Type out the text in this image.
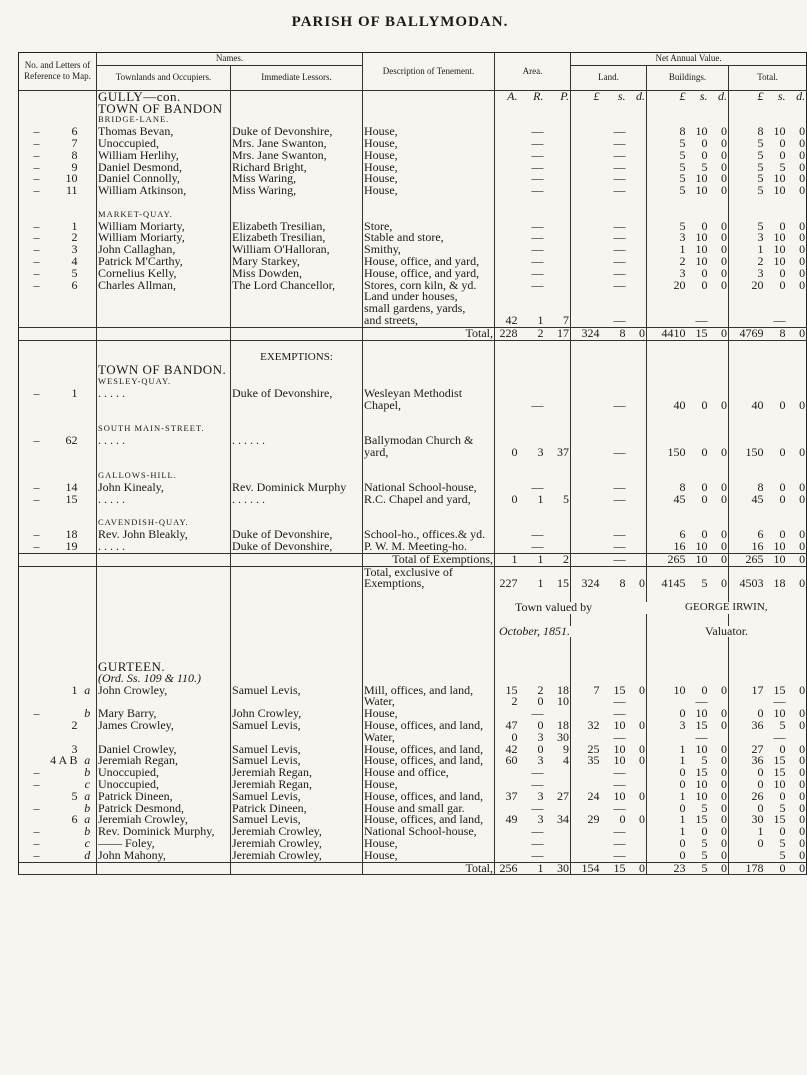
PARISH OF BALLYMODAN.
No. and Letters of Reference to Map.			Names.		Description of Tenement.	Area.			Net Annual Value.								
			Townlands and Occupiers.	Immediate Lessors.					Land.			Buildings.			Total.		
			GULLY—con.			A.	R.	P.	£	s.	d.	£	s.	d.	£	s.	d.
			TOWN OF BANDON														
			BRIDGE-LANE.														
–	6		Thomas Bevan,	Duke of Devonshire,	House,		—			—		8	10	0	8	10	0
–	7		Unoccupied,	Mrs. Jane Swanton,	House,		—			—		5	0	0	5	0	0
–	8		William Herlihy,	Mrs. Jane Swanton,	House,		—			—		5	0	0	5	0	0
–	9		Daniel Desmond,	Richard Bright,	House,		—			—		5	5	0	5	5	0
–	10		Daniel Connolly,	Miss Waring,	House,		—			—		5	10	0	5	10	0
–	11		William Atkinson,	Miss Waring,	House,		—			—		5	10	0	5	10	0

			MARKET-QUAY.														
–	1		William Moriarty,	Elizabeth Tresilian,	Store,		—			—		5	0	0	5	0	0
–	2		William Moriarty,	Elizabeth Tresilian,	Stable and store,		—			—		3	10	0	3	10	0
–	3		John Callaghan,	William O'Halloran,	Smithy,		—			—		1	10	0	1	10	0
–	4		Patrick M'Carthy,	Mary Starkey,	House, office, and yard,		—			—		2	10	0	2	10	0
–	5		Cornelius Kelly,	Miss Dowden,	House, office, and yard,		—			—		3	0	0	3	0	0
–	6		Charles Allman,	The Lord Chancellor,	Stores, corn kiln, & yd.		—			—		20	0	0	20	0	0
					Land under houses,												
					small gardens, yards,												
					and streets,	42	1	7		—			—			—	
					Total,	228	2	17	324	8	0	4410	15	0	4769	8	0

				EXEMPTIONS:													
			TOWN OF BANDON.														
			WESLEY-QUAY.														
–	1		. . . . .	Duke of Devonshire,	Wesleyan Methodist												
					Chapel,		—			—		40	0	0	40	0	0

			SOUTH MAIN-STREET.														
–	62		. . . . .	. . . . . .	Ballymodan Church &												
					yard,	0	3	37		—		150	0	0	150	0	0

			GALLOWS-HILL.														
–	14		John Kinealy,	Rev. Dominick Murphy	National School-house,		—			—		8	0	0	8	0	0
–	15		. . . . .	. . . . . .	R.C. Chapel and yard,	0	1	5		—		45	0	0	45	0	0

			CAVENDISH-QUAY.														
–	18		Rev. John Bleakly,	Duke of Devonshire,	School-ho., offices.& yd.		—			—		6	0	0	6	0	0
–	19		. . . . .	Duke of Devonshire,	P. W. M. Meeting-ho.		—			—		16	10	0	16	10	0
					Total of Exemptions,	1	1	2		—		265	10	0	265	10	0
					Total, exclusive of												
					Exemptions,	227	1	15	324	8	0	4145	5	0	4503	18	0

						Town valued by						GEORGE IRWIN,					

						October, 1851.						Valuator.					

			GURTEEN.														
			(Ord. Ss. 109 & 110.)														
	1	a	John Crowley,	Samuel Levis,	Mill, offices, and land,	15	2	18	7	15	0	10	0	0	17	15	0
					Water,	2	0	10		—			—			—	
–		b	Mary Barry,	John Crowley,	House,		—			—		0	10	0	0	10	0
	2		James Crowley,	Samuel Levis,	House, offices, and land,	47	0	18	32	10	0	3	15	0	36	5	0
					Water,	0	3	30		—			—			—	
	3		Daniel Crowley,	Samuel Levis,	House, offices, and land,	42	0	9	25	10	0	1	10	0	27	0	0
	4 A B	a	Jeremiah Regan,	Samuel Levis,	House, offices, and land,	60	3	4	35	10	0	1	5	0	36	15	0
–		b	Unoccupied,	Jeremiah Regan,	House and office,		—			—		0	15	0	0	15	0
–		c	Unoccupied,	Jeremiah Regan,	House,		—			—		0	10	0	0	10	0
	5	a	Patrick Dineen,	Samuel Levis,	House, offices, and land,	37	3	27	24	10	0	1	10	0	26	0	0
–		b	Patrick Desmond,	Patrick Dineen,	House and small gar.		—			—		0	5	0	0	5	0
	6	a	Jeremiah Crowley,	Samuel Levis,	House, offices, and land,	49	3	34	29	0	0	1	15	0	30	15	0
–		b	Rev. Dominick Murphy,	Jeremiah Crowley,	National School-house,		—			—		1	0	0	1	0	0
–		c	—— Foley,	Jeremiah Crowley,	House,		—			—		0	5	0	0	5	0
–		d	John Mahony,	Jeremiah Crowley,	House,		—			—		0	5	0		5	0
					Total,	256	1	30	154	15	0	23	5	0	178	0	0
